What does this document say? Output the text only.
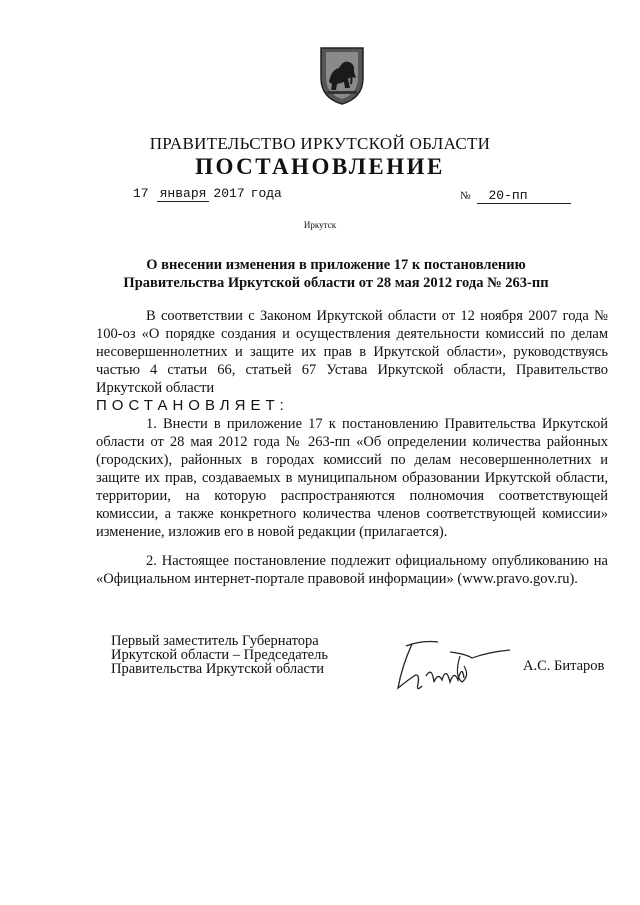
ПРАВИТЕЛЬСТВО ИРКУТСКОЙ ОБЛАСТИ
ПОСТАНОВЛЕНИЕ
17 января 2017 года	№ 20-пп
Иркутск
О внесении изменения в приложение 17 к постановлению
Правительства Иркутской области от 28 мая 2012 года № 263-пп
В соответствии с Законом Иркутской области от 12 ноября 2007 года № 100-оз «О порядке создания и осуществления деятельности комиссий по делам несовершеннолетних и защите их прав в Иркутской области», руководствуясь частью 4 статьи 66, статьей 67 Устава Иркутской области, Правительство Иркутской области
ПОСТАНОВЛЯЕТ:
1. Внести в приложение 17 к постановлению Правительства Иркутской области от 28 мая 2012 года № 263-пп «Об определении количества районных (городских), районных в городах комиссий по делам несовершеннолетних и защите их прав, создаваемых в муниципальном образовании Иркутской области, территории, на которую распространяются полномочия соответствующей комиссии, а также конкретного количества членов соответствующей комиссии» изменение, изложив его в новой редакции (прилагается).
2. Настоящее постановление подлежит официальному опубликованию на «Официальном интернет-портале правовой информации» (www.pravo.gov.ru).
Первый заместитель Губернатора
Иркутской области – Председатель
Правительства Иркутской области	А.С. Битаров
